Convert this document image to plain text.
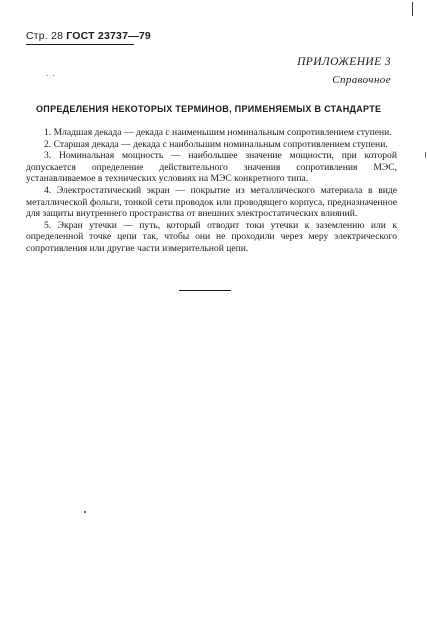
Стр. 28 ГОСТ 23737—79
. .
ПРИЛОЖЕНИЕ 3
Справочное
ОПРЕДЕЛЕНИЯ НЕКОТОРЫХ ТЕРМИНОВ, ПРИМЕНЯЕМЫХ В СТАНДАРТЕ

1. Младшая декада — декада с наименьшим номинальным сопротивлением ступени.

2. Старшая декада — декада с наибольшим номинальным сопротивлением ступени.

3. Номинальная мощность — наибольшее значение мощности, при которой допускается определение действительного значения сопротивления МЭС, устанавливаемое в технических условиях на МЭС конкретного типа.

4. Электростатический экран — покрытие из металлического материала в виде металлической фольги, тонкой сети проводок или проводящего корпуса, предназначенное для защиты внутреннего пространства от внешних электростатических влияний.

5. Экран утечки — путь, который отводит токи утечки к заземлению или к определенной точке цепи так, чтобы они не проходили через меру электрического сопротивления или другие части измерительной цепи.
